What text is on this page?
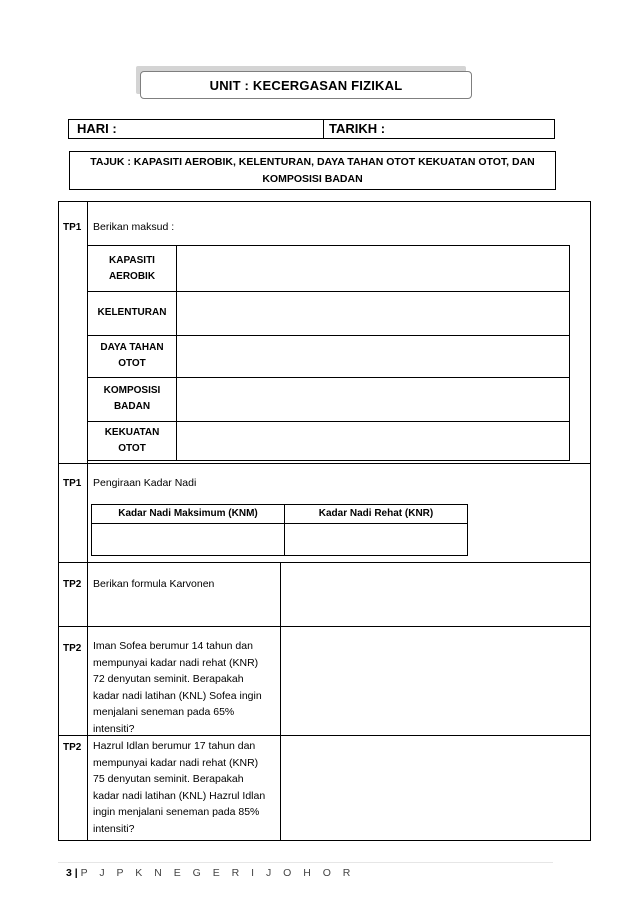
UNIT : KECERGASAN FIZIKAL
HARI :	TARIKH :
TAJUK : KAPASITI AEROBIK, KELENTURAN, DAYA TAHAN OTOT KEKUATAN OTOT, DAN
KOMPOSISI BADAN
TP1 Berikan maksud :
TP1 Pengiraan Kadar Nadi
TP2 Berikan formula Karvonen
TP2 Iman Sofea berumur 14 tahun dan
mempunyai kadar nadi rehat (KNR)
72 denyutan seminit. Berapakah
kadar nadi latihan (KNL) Sofea ingin
menjalani seneman pada 65%
intensiti?
TP2 Hazrul Idlan berumur 17 tahun dan
mempunyai kadar nadi rehat (KNR)
75 denyutan seminit. Berapakah
kadar nadi latihan (KNL) Hazrul Idlan
ingin menjalani seneman pada 85%
intensiti?
KAPASITI
AEROBIK
KELENTURAN
DAYA TAHAN
OTOT
KOMPOSISI
BADAN
KEKUATAN
OTOT
Kadar Nadi Maksimum (KNM)	Kadar Nadi Rehat (KNR)
3 | P J P K N E G E R I J O H O R
